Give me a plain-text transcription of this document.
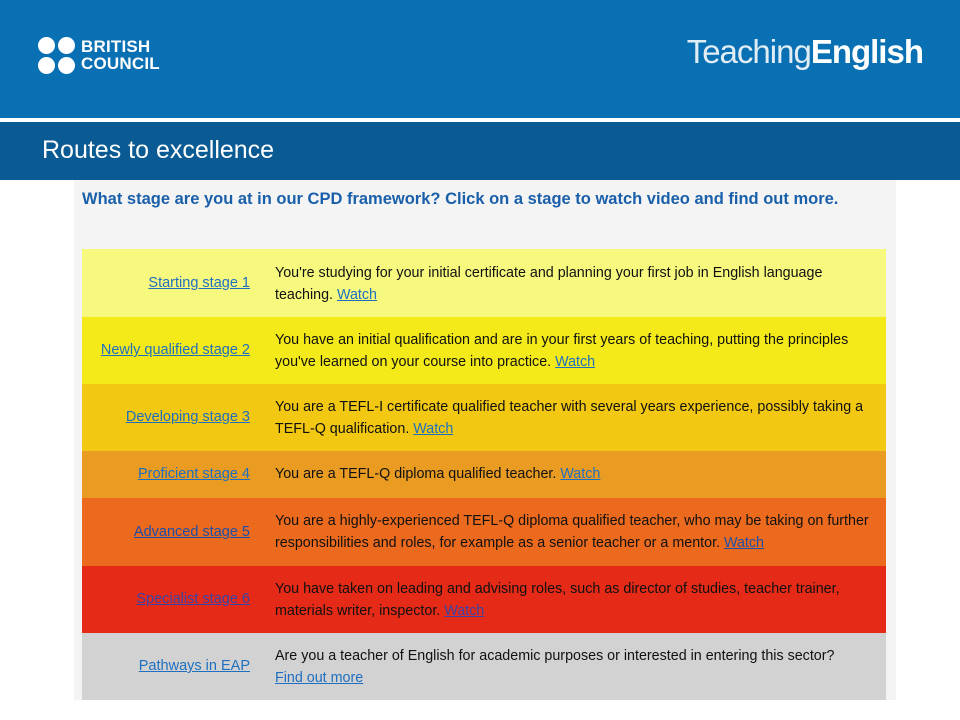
BRITISH
COUNCIL	TeachingEnglish
Routes to excellence
What stage are you at in our CPD framework? Click on a stage to watch video and find out more.
Starting stage 1
You're studying for your initial certificate and planning your first job in English language teaching. Watch
Newly qualified stage 2
You have an initial qualification and are in your first years of teaching, putting the principles you've learned on your course into practice. Watch
Developing stage 3
You are a TEFL-I certificate qualified teacher with several years experience, possibly taking a TEFL-Q qualification. Watch
Proficient stage 4 You are a TEFL-Q diploma qualified teacher. Watch
Advanced stage 5
You are a highly-experienced TEFL-Q diploma qualified teacher, who may be taking on further responsibilities and roles, for example as a senior teacher or a mentor. Watch
Specialist stage 6
You have taken on leading and advising roles, such as director of studies, teacher trainer, materials writer, inspector. Watch
Pathways in EAP
Are you a teacher of English for academic purposes or interested in entering this sector?
Find out more
